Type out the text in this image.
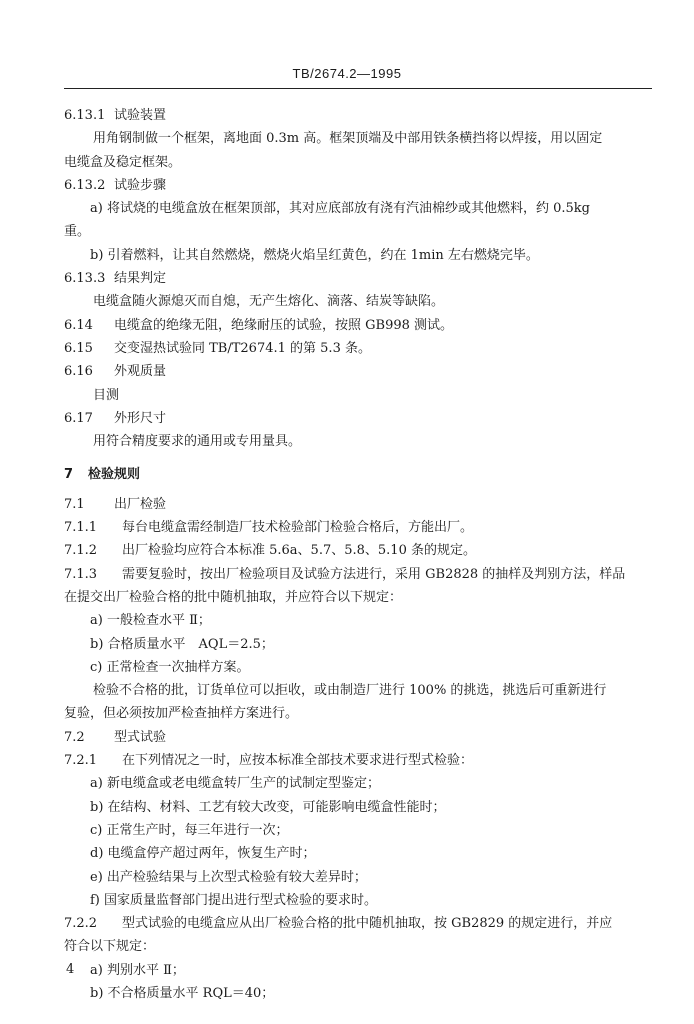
TB/2674.2—1995
6.13.1 试验装置
用角钢制做一个框架，离地面 0.3m 高。框架顶端及中部用铁条横挡将以焊接，用以固定
电缆盒及稳定框架。
6.13.2 试验步骤
a) 将试烧的电缆盒放在框架顶部，其对应底部放有浇有汽油棉纱或其他燃料，约 0.5kg
重。
b) 引着燃料，让其自然燃烧，燃烧火焰呈红黄色，约在 1min 左右燃烧完毕。
6.13.3 结果判定
电缆盒随火源熄灭而自熄，无产生熔化、滴落、结炭等缺陷。
6.14 电缆盒的绝缘无阻，绝缘耐压的试验，按照 GB998 测试。
6.15 交变湿热试验同 TB/T2674.1 的第 5.3 条。
6.16 外观质量
目测
6.17 外形尺寸
用符合精度要求的通用或专用量具。
7 检验规则
7.1 出厂检验
7.1.1 每台电缆盒需经制造厂技术检验部门检验合格后，方能出厂。
7.1.2 出厂检验均应符合本标准 5.6a、5.7、5.8、5.10 条的规定。
7.1.3 需要复验时，按出厂检验项目及试验方法进行，采用 GB2828 的抽样及判别方法，样品
在提交出厂检验合格的批中随机抽取，并应符合以下规定：
a) 一般检查水平 Ⅱ；
b) 合格质量水平　AQL＝2.5；
c) 正常检查一次抽样方案。
检验不合格的批，订货单位可以拒收，或由制造厂进行 100% 的挑选，挑选后可重新进行
复验，但必须按加严检查抽样方案进行。
7.2 型式试验
7.2.1 在下列情况之一时，应按本标准全部技术要求进行型式检验：
a) 新电缆盒或老电缆盒转厂生产的试制定型鉴定；
b) 在结构、材料、工艺有较大改变，可能影响电缆盒性能时；
c) 正常生产时，每三年进行一次；
d) 电缆盒停产超过两年，恢复生产时；
e) 出产检验结果与上次型式检验有较大差异时；
f) 国家质量监督部门提出进行型式检验的要求时。
7.2.2 型式试验的电缆盒应从出厂检验合格的批中随机抽取，按 GB2829 的规定进行，并应
符合以下规定：
a) 判别水平 Ⅱ；
b) 不合格质量水平 RQL＝40；
4
